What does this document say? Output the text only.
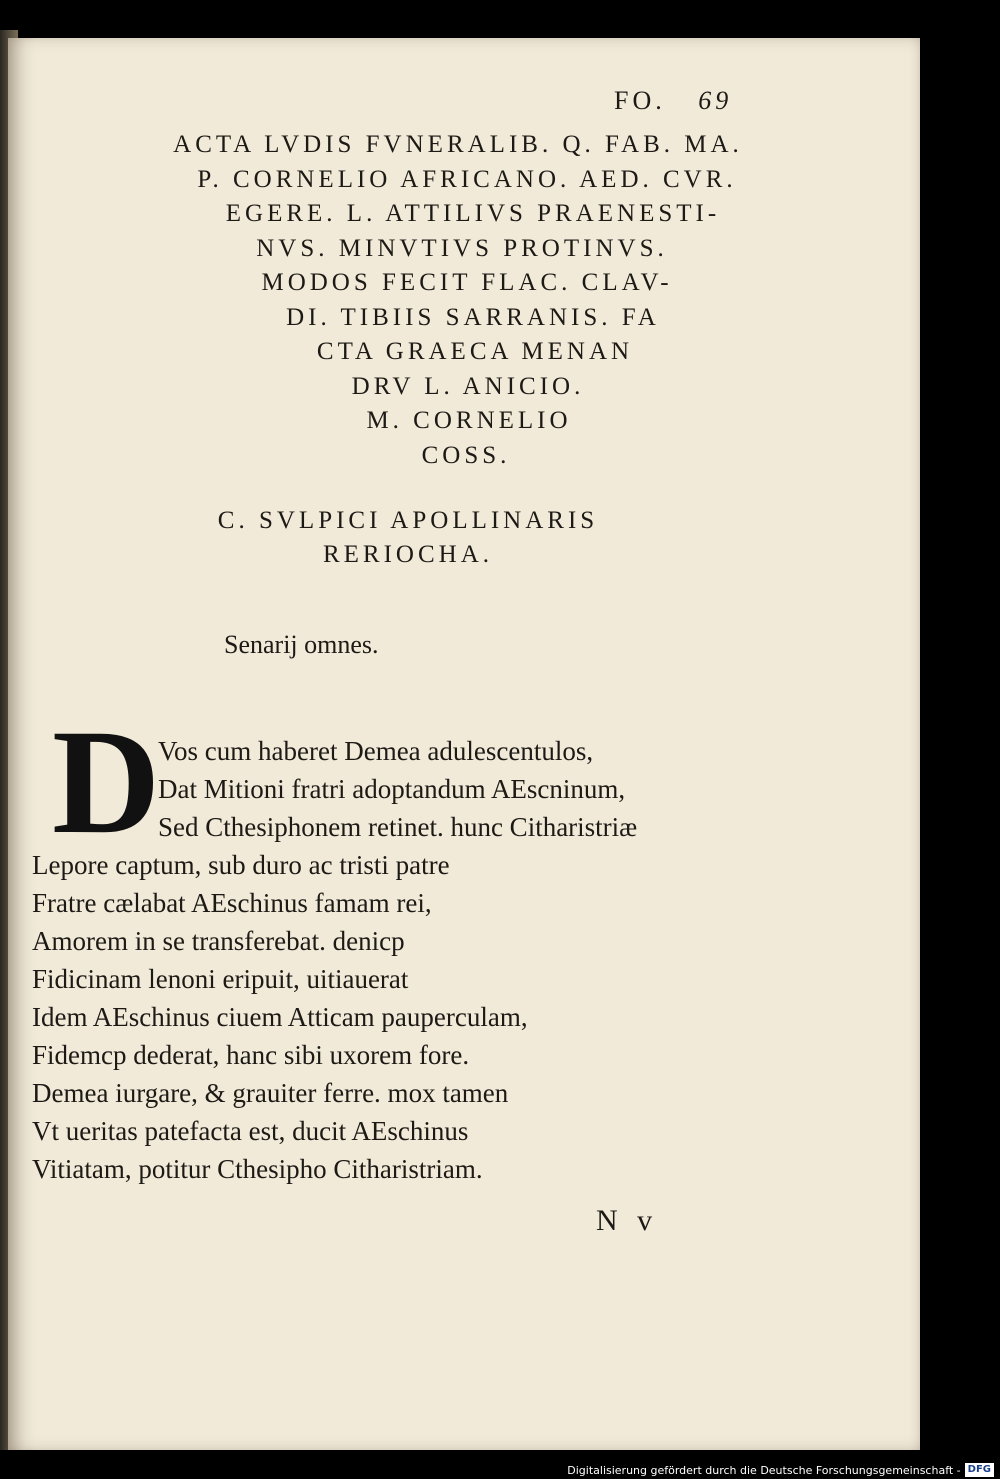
FO. 69
ACTA LVDIS FVNERALIB. Q. FAB. MA.
P. CORNELIO AFRICANO. AED. CVR.
EGERE. L. ATTILIVS PRAENESTI-
NVS. MINVTIVS PROTINVS.
MODOS FECIT FLAC. CLAV-
DI. TIBIIS SARRANIS. FA
CTA GRAECA MENAN
DRV L. ANICIO.
M. CORNELIO
COSS.
C. SVLPICI APOLLINARIS
RERIOCHA.
Senarij omnes.
D
Vos cum haberet Demea adulescentulos,
Dat Mitioni fratri adoptandum AEscninum,
Sed Cthesiphonem retinet. hunc Citharistriæ
Lepore captum, sub duro ac tristi patre
Fratre cælabat AEschinus famam rei,
Amorem in se transferebat. denicp
Fidicinam lenoni eripuit, uitiauerat
Idem AEschinus ciuem Atticam pauperculam,
Fidemcp dederat, hanc sibi uxorem fore.
Demea iurgare, & grauiter ferre. mox tamen
Vt ueritas patefacta est, ducit AEschinus
Vitiatam, potitur Cthesipho Citharistriam.
N v
Digitalisierung gefördert durch die Deutsche Forschungsgemeinschaft - DFG
